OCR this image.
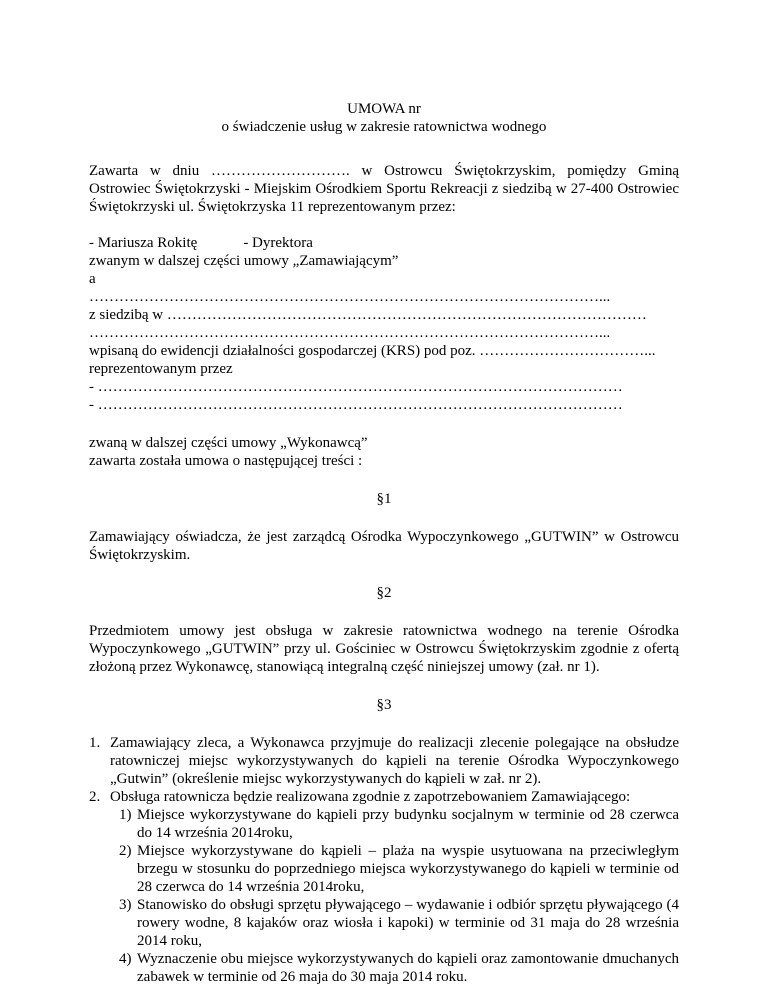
UMOWA nr

o świadczenie usług w zakresie ratownictwa wodnego

Zawarta w dniu ………………………. w Ostrowcu Świętokrzyskim, pomiędzy Gminą Ostrowiec Świętokrzyski - Miejskim Ośrodkiem Sportu Rekreacji z siedzibą w 27-400 Ostrowiec Świętokrzyski ul. Świętokrzyska 11 reprezentowanym przez:

- Mariusza Rokitę	- Dyrektora

zwanym w dalszej części umowy „Zamawiającym”

a

…………………………………………………………………………………………...

z siedzibą w ……………………………………………………………………………………

…………………………………………………………………………………………...

wpisaną do ewidencji działalności gospodarczej (KRS) pod poz. ……………………………...

reprezentowanym przez

- ……………………………………………………………………………………………

- ……………………………………………………………………………………………

zwaną w dalszej części umowy „Wykonawcą”

zawarta została umowa o następującej treści :

§1

Zamawiający oświadcza, że jest zarządcą Ośrodka Wypoczynkowego „GUTWIN” w Ostrowcu Świętokrzyskim.

§2

Przedmiotem umowy jest obsługa w zakresie ratownictwa wodnego na terenie Ośrodka Wypoczynkowego „GUTWIN” przy ul. Gościniec w Ostrowcu Świętokrzyskim zgodnie z ofertą złożoną przez Wykonawcę, stanowiącą integralną część niniejszej umowy (zał. nr 1).

§3

1. Zamawiający zleca, a Wykonawca przyjmuje do realizacji zlecenie polegające na obsłudze ratowniczej miejsc wykorzystywanych do kąpieli na terenie Ośrodka Wypoczynkowego „Gutwin” (określenie miejsc wykorzystywanych do kąpieli w zał. nr 2).
2. Obsługa ratownicza będzie realizowana zgodnie z zapotrzebowaniem Zamawiającego:
1) Miejsce wykorzystywane do kąpieli przy budynku socjalnym w terminie od 28 czerwca do 14 września 2014roku,
2) Miejsce wykorzystywane do kąpieli – plaża na wyspie usytuowana na przeciwległym brzegu w stosunku do poprzedniego miejsca wykorzystywanego do kąpieli w terminie od 28 czerwca do 14 września 2014roku,
3) Stanowisko do obsługi sprzętu pływającego – wydawanie i odbiór sprzętu pływającego (4 rowery wodne, 8 kajaków oraz wiosła i kapoki) w terminie od 31 maja do 28 września 2014 roku,
4) Wyznaczenie obu miejsce wykorzystywanych do kąpieli oraz zamontowanie dmuchanych zabawek w terminie od 26 maja do 30 maja 2014 roku.
